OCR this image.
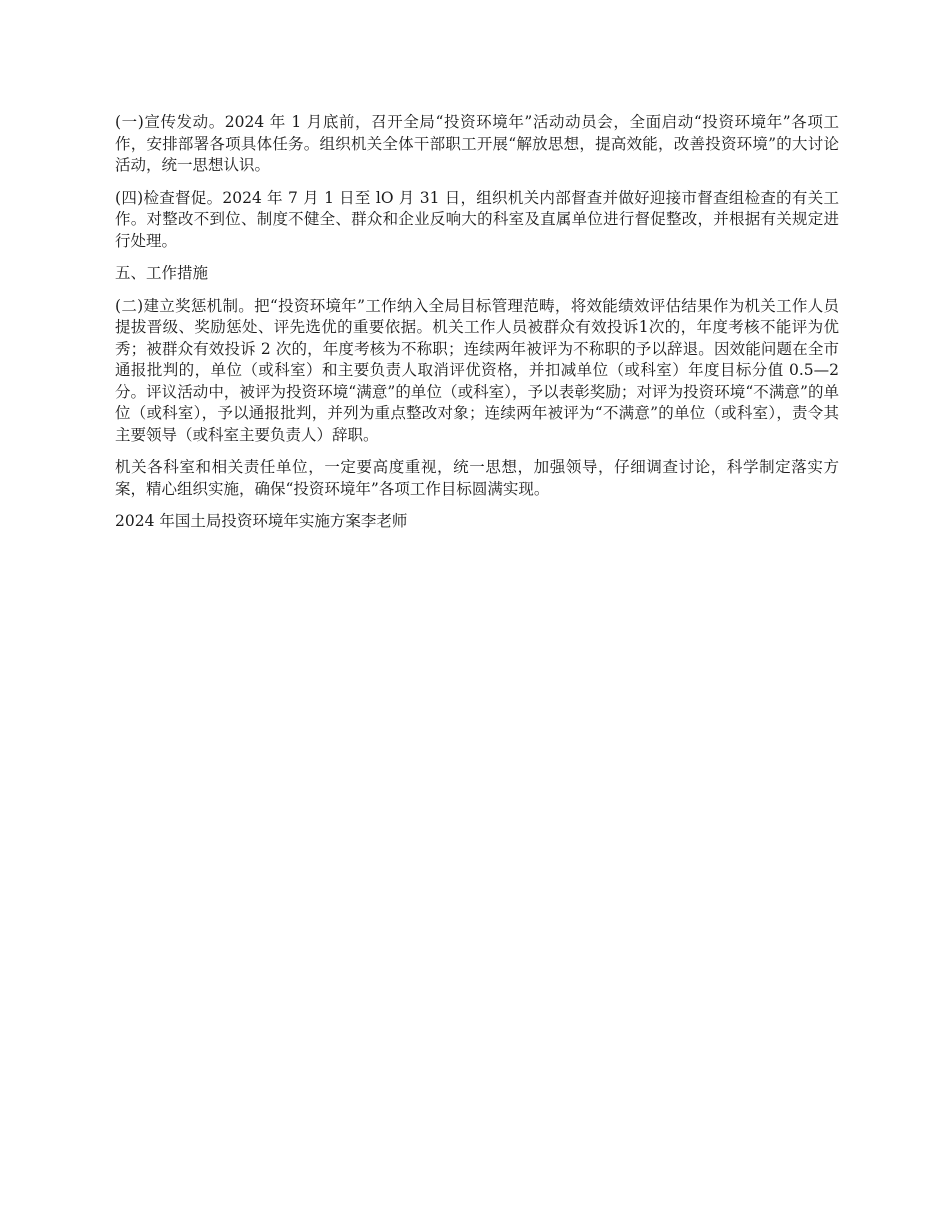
(一)宣传发动。2024 年 1 月底前，召开全局“投资环境年”活动动员会，全面启动“投资环境年”各项工作，安排部署各项具体任务。组织机关全体干部职工开展“解放思想，提高效能，改善投资环境”的大讨论活动，统一思想认识。

(四)检查督促。2024 年 7 月 1 日至 lO 月 31 日，组织机关内部督查并做好迎接市督查组检查的有关工作。对整改不到位、制度不健全、群众和企业反响大的科室及直属单位进行督促整改，并根据有关规定进行处理。

五、工作措施

(二)建立奖惩机制。把“投资环境年”工作纳入全局目标管理范畴，将效能绩效评估结果作为机关工作人员提拔晋级、奖励惩处、评先选优的重要依据。机关工作人员被群众有效投诉1次的，年度考核不能评为优秀；被群众有效投诉 2 次的，年度考核为不称职；连续两年被评为不称职的予以辞退。因效能问题在全市通报批判的，单位（或科室）和主要负责人取消评优资格，并扣减单位（或科室）年度目标分值 0.5—2 分。评议活动中，被评为投资环境“满意”的单位（或科室），予以表彰奖励；对评为投资环境“不满意”的单位（或科室），予以通报批判，并列为重点整改对象；连续两年被评为“不满意”的单位（或科室），责令其主要领导（或科室主要负责人）辞职。

机关各科室和相关责任单位，一定要高度重视，统一思想，加强领导，仔细调查讨论，科学制定落实方案，精心组织实施，确保“投资环境年”各项工作目标圆满实现。

2024 年国土局投资环境年实施方案李老师
